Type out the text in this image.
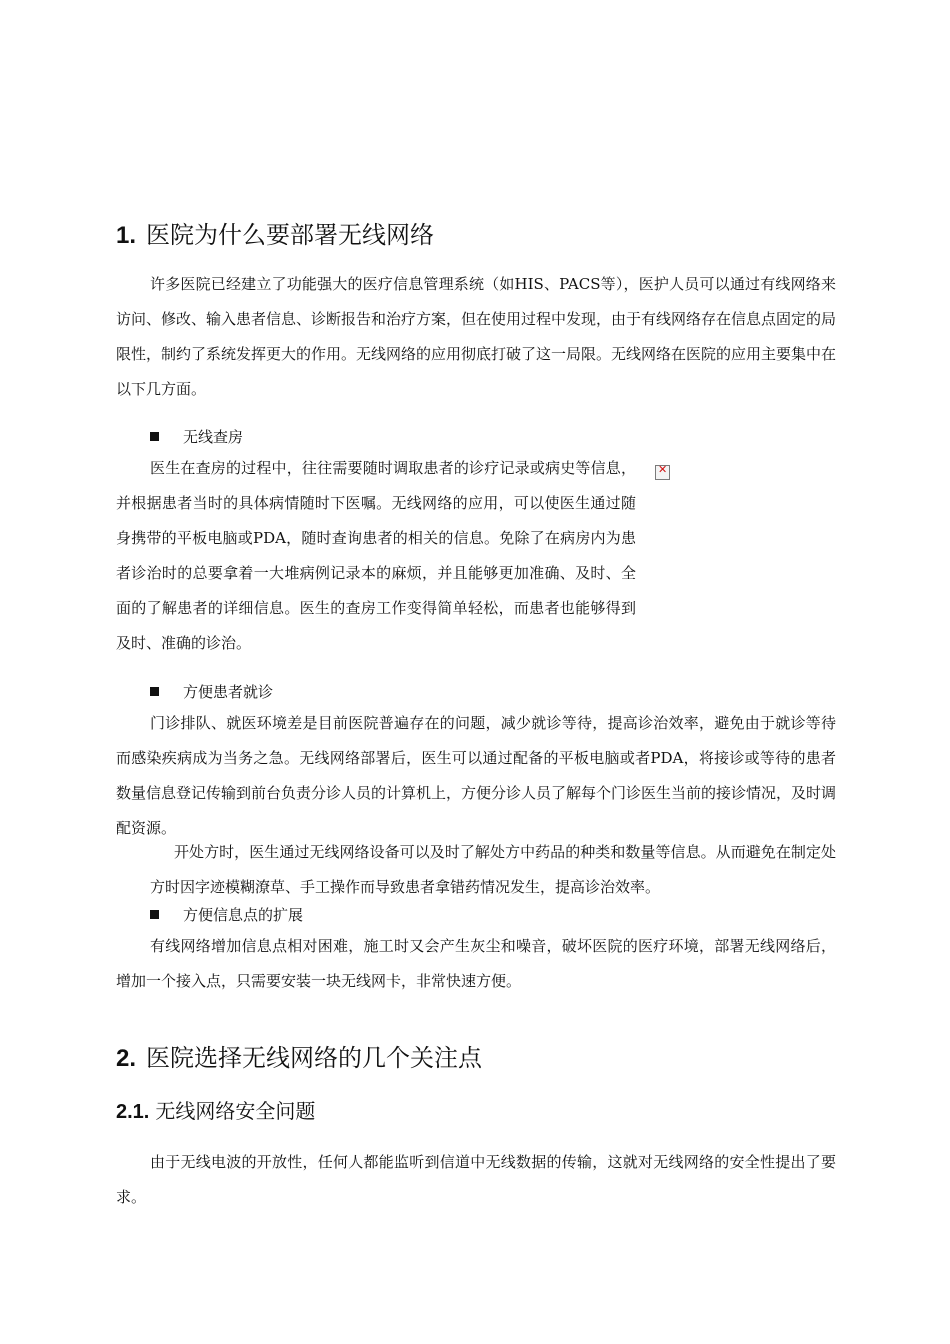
1. 医院为什么要部署无线网络
许多医院已经建立了功能强大的医疗信息管理系统（如HIS、PACS等），医护人员可以通过有线网络来访问、修改、输入患者信息、诊断报告和治疗方案，但在使用过程中发现，由于有线网络存在信息点固定的局限性，制约了系统发挥更大的作用。无线网络的应用彻底打破了这一局限。无线网络在医院的应用主要集中在以下几方面。
无线查房
医生在查房的过程中，往往需要随时调取患者的诊疗记录或病史等信息，并根据患者当时的具体病情随时下医嘱。无线网络的应用，可以使医生通过随身携带的平板电脑或PDA，随时查询患者的相关的信息。免除了在病房内为患者诊治时的总要拿着一大堆病例记录本的麻烦，并且能够更加准确、及时、全面的了解患者的详细信息。医生的查房工作变得简单轻松，而患者也能够得到及时、准确的诊治。
✕
方便患者就诊
门诊排队、就医环境差是目前医院普遍存在的问题，减少就诊等待，提高诊治效率，避免由于就诊等待而感染疾病成为当务之急。无线网络部署后，医生可以通过配备的平板电脑或者PDA，将接诊或等待的患者数量信息登记传输到前台负责分诊人员的计算机上，方便分诊人员了解每个门诊医生当前的接诊情况，及时调配资源。
开处方时，医生通过无线网络设备可以及时了解处方中药品的种类和数量等信息。从而避免在制定处方时因字迹模糊潦草、手工操作而导致患者拿错药情况发生，提高诊治效率。
方便信息点的扩展
有线网络增加信息点相对困难，施工时又会产生灰尘和噪音，破坏医院的医疗环境，部署无线网络后，增加一个接入点，只需要安装一块无线网卡，非常快速方便。
2. 医院选择无线网络的几个关注点
2.1. 无线网络安全问题
由于无线电波的开放性，任何人都能监听到信道中无线数据的传输，这就对无线网络的安全性提出了要求。
